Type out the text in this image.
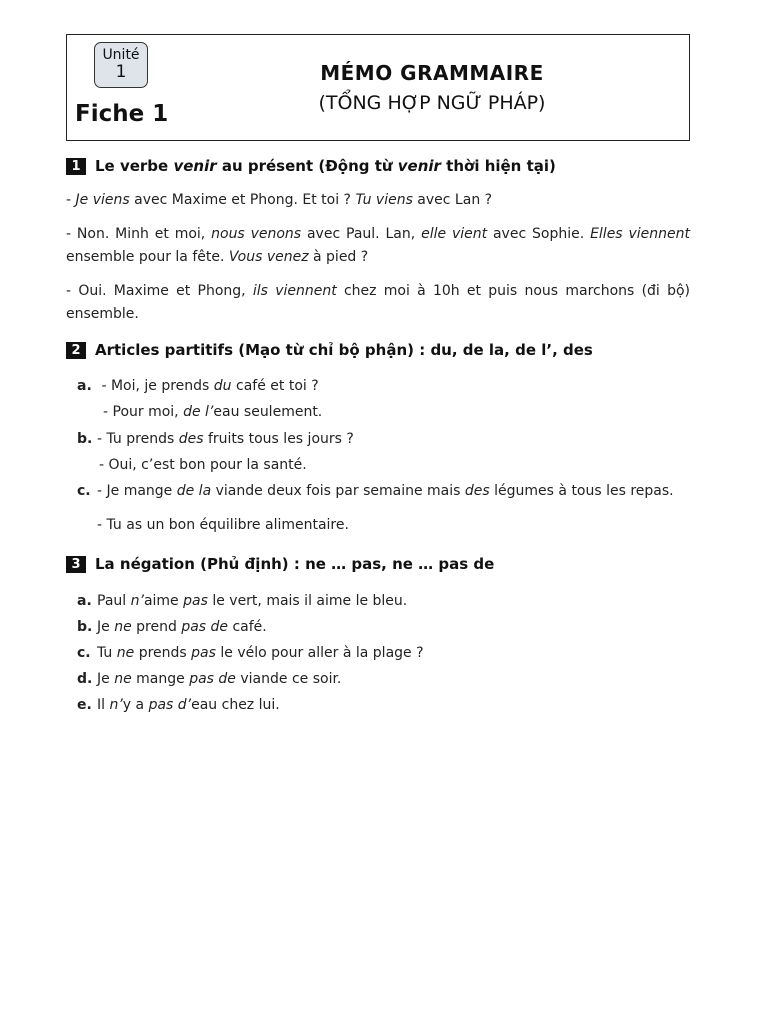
Unité
1
Fiche 1
MÉMO GRAMMAIRE
(TỔNG HỢP NGỮ PHÁP)
1 Le verbe venir au présent (Động từ venir thời hiện tại)
- Je viens avec Maxime et Phong. Et toi ? Tu viens avec Lan ?
- Non. Minh et moi, nous venons avec Paul. Lan, elle vient avec Sophie. Elles viennent ensemble pour la fête. Vous venez à pied ?
- Oui. Maxime et Phong, ils viennent chez moi à 10h et puis nous marchons (đi bộ) ensemble.
2 Articles partitifs (Mạo từ chỉ bộ phận) : du, de la, de l’, des
a. - Moi, je prends du café et toi ?
- Pour moi, de l’eau seulement.
b. - Tu prends des fruits tous les jours ?
- Oui, c’est bon pour la santé.
c. - Je mange de la viande deux fois par semaine mais des légumes à tous les repas.
- Tu as un bon équilibre alimentaire.
3 La négation (Phủ định) : ne … pas, ne … pas de
a. Paul n’aime pas le vert, mais il aime le bleu.
b. Je ne prend pas de café.
c. Tu ne prends pas le vélo pour aller à la plage ?
d. Je ne mange pas de viande ce soir.
e. Il n’y a pas d’eau chez lui.
